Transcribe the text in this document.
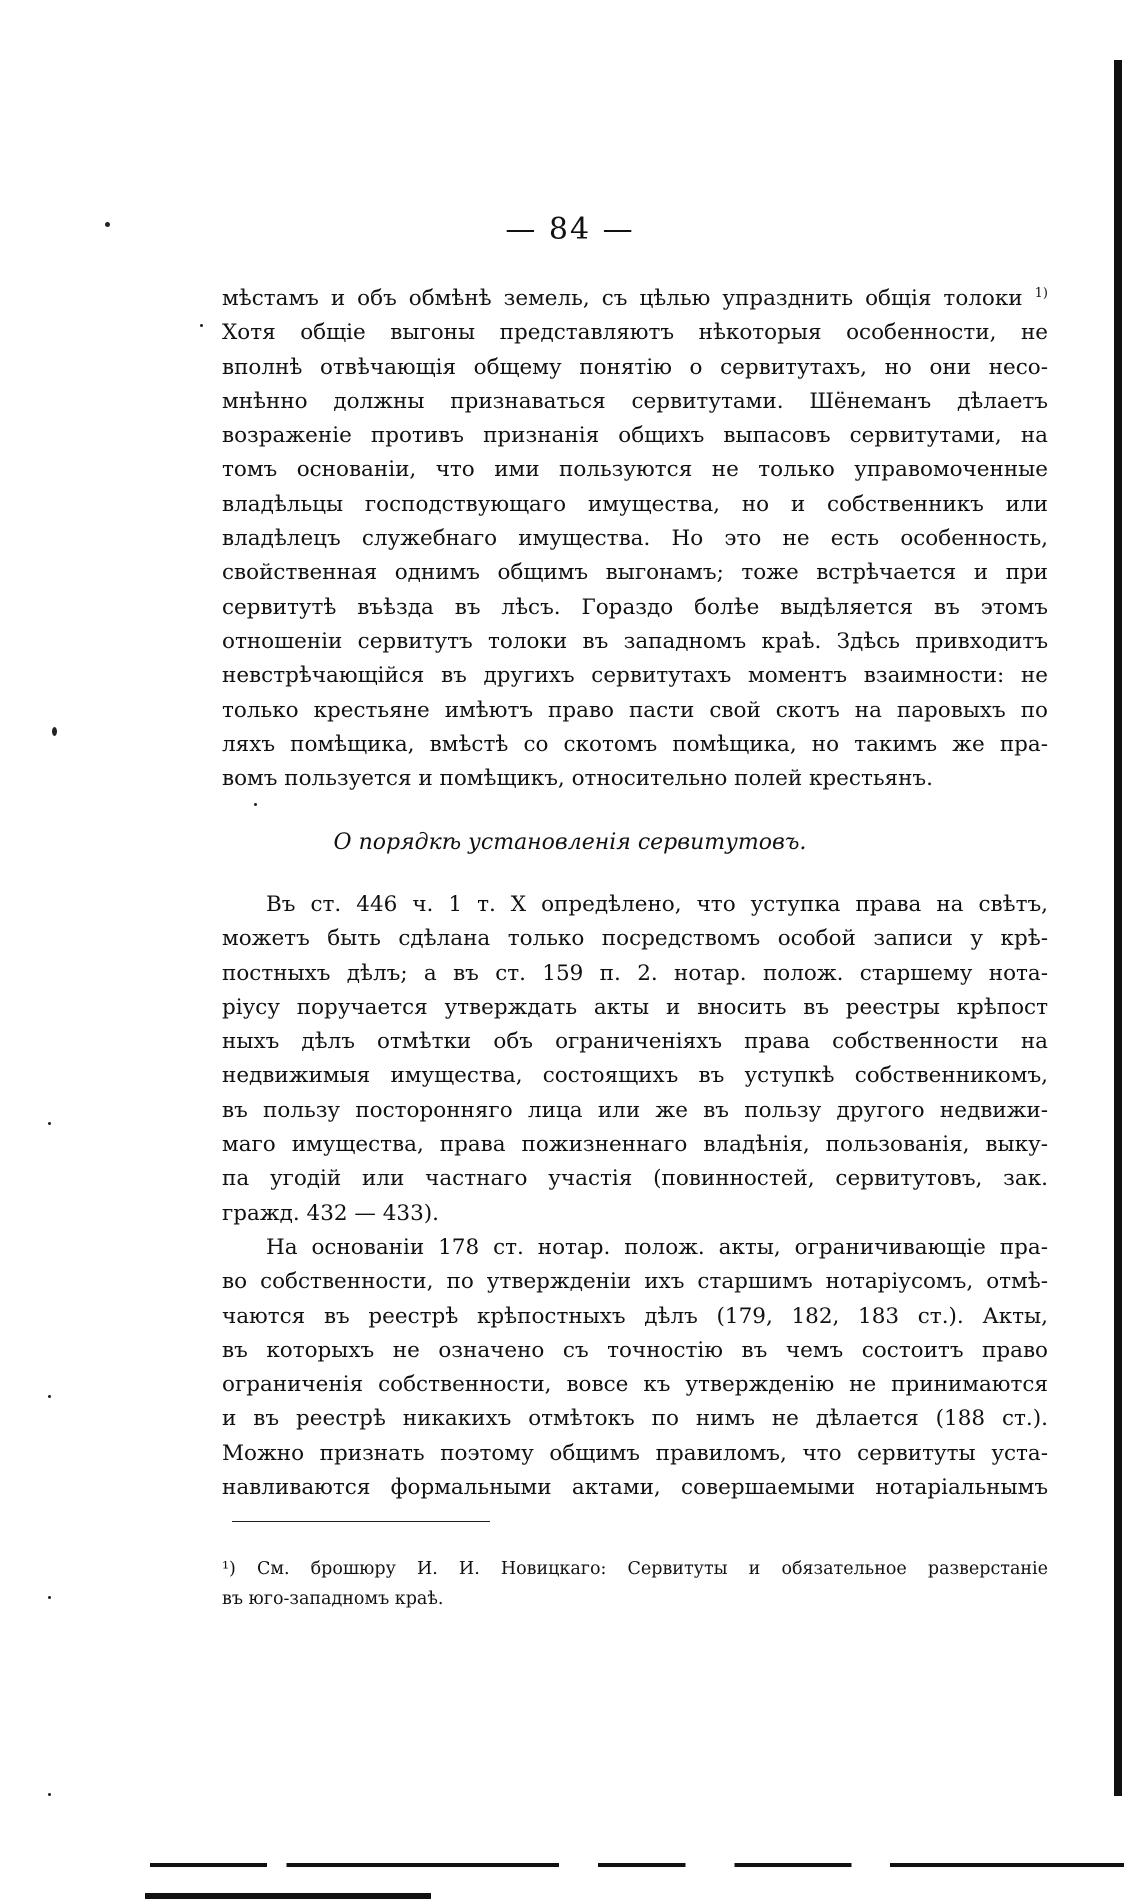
— 84 —
мѣстамъ и объ обмѣнѣ земель, съ цѣлью упразднить общія толоки $^{1)}$
Хотя общіе выгоны представляютъ нѣкоторыя особенности, не
вполнѣ отвѣчающія общему понятію о сервитутахъ, но они несо-
мнѣнно должны признаваться сервитутами. Шёнеманъ дѣлаетъ
возраженіе противъ признанія общихъ выпасовъ сервитутами, на
томъ основаніи, что ими пользуются не только управомоченные
владѣльцы господствующаго имущества, но и собственникъ или
владѣлецъ служебнаго имущества. Но это не есть особенность,
свойственная однимъ общимъ выгонамъ; тоже встрѣчается и при
сервитутѣ въѣзда въ лѣсъ. Гораздо болѣе выдѣляется въ этомъ
отношеніи сервитутъ толоки въ западномъ краѣ. Здѣсь привходитъ
невстрѣчающійся въ другихъ сервитутахъ моментъ взаимности: не
только крестьяне имѣютъ право пасти свой скотъ на паровыхъ по
ляхъ помѣщика, вмѣстѣ со скотомъ помѣщика, но такимъ же пра-
вомъ пользуется и помѣщикъ, относительно полей крестьянъ.
О порядкѣ установленія сервитутовъ.
Въ ст. 446 ч. 1 т. X опредѣлено, что уступка права на свѣтъ,
можетъ быть сдѣлана только посредствомъ особой записи у крѣ-
постныхъ дѣлъ; а въ ст. 159 п. 2. нотар. полож. старшему нота-
ріусу поручается утверждать акты и вносить въ реестры крѣпост
ныхъ дѣлъ отмѣтки объ ограниченіяхъ права собственности на
недвижимыя имущества, состоящихъ въ уступкѣ собственникомъ,
въ пользу посторонняго лица или же въ пользу другого недвижи-
маго имущества, права пожизненнаго владѣнія, пользованія, выку-
па угодій или частнаго участія (повинностей, сервитутовъ, зак.
гражд. 432 — 433).
На основаніи 178 ст. нотар. полож. акты, ограничивающіе пра-
во собственности, по утвержденіи ихъ старшимъ нотаріусомъ, отмѣ-
чаются въ реестрѣ крѣпостныхъ дѣлъ (179, 182, 183 ст.). Акты,
въ которыхъ не означено съ точностію въ чемъ состоитъ право
ограниченія собственности, вовсе къ утвержденію не принимаются
и въ реестрѣ никакихъ отмѣтокъ по нимъ не дѣлается (188 ст.).
Можно признать поэтому общимъ правиломъ, что сервитуты уста-
навливаются формальными актами, совершаемыми нотаріальнымъ
¹) См. брошюру И. И. Новицкаго: Сервитуты и обязательное разверстаніе
въ юго-западномъ краѣ.
